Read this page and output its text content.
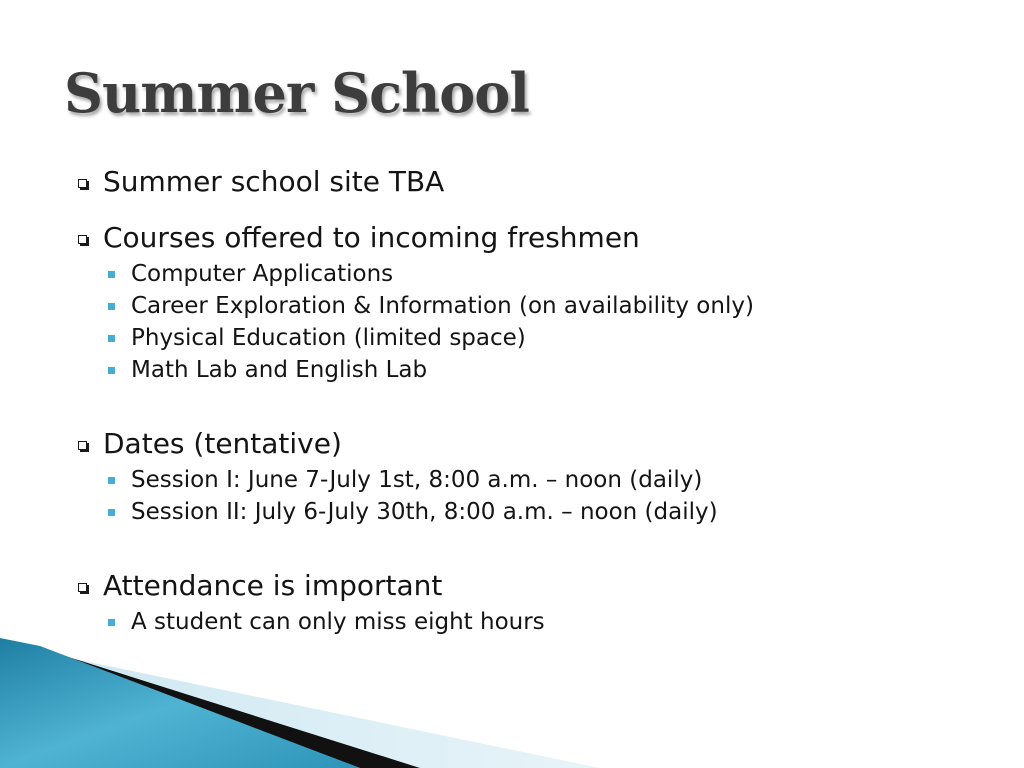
Summer School
Summer school site TBA
Courses offered to incoming freshmen
Computer Applications
Career Exploration & Information (on availability only)
Physical Education (limited space)
Math Lab and English Lab
Dates (tentative)
Session I: June 7-July 1st, 8:00 a.m. – noon (daily)
Session II: July 6-July 30th, 8:00 a.m. – noon (daily)
Attendance is important
A student can only miss eight hours
